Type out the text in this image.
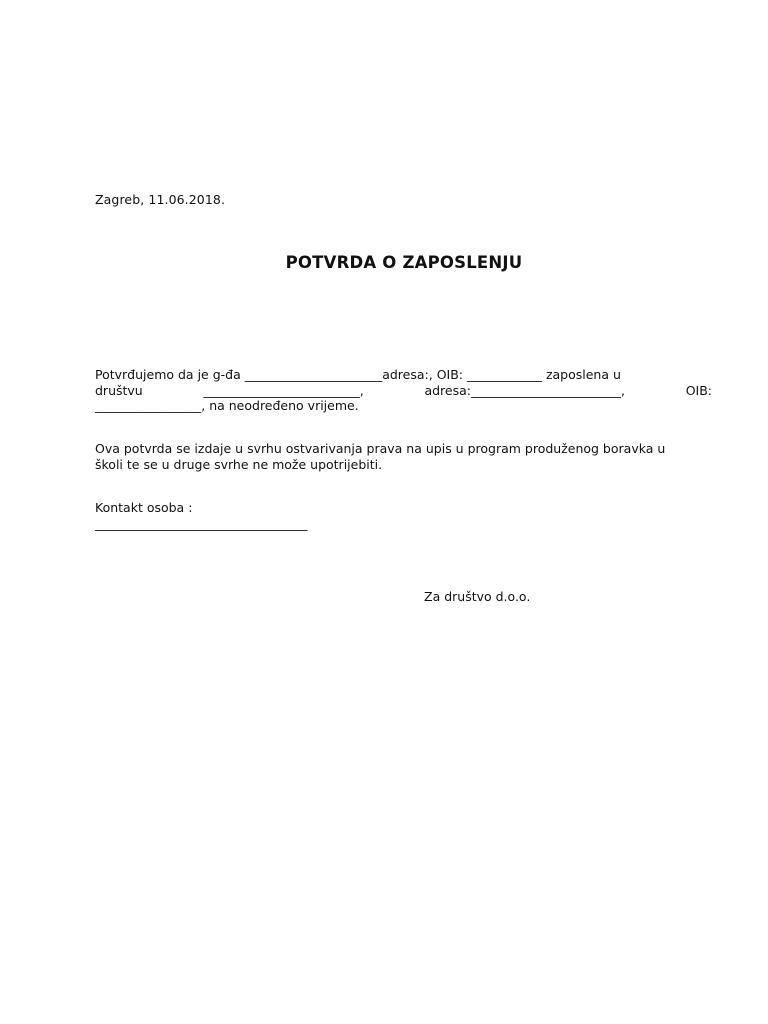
Zagreb, 11.06.2018.
POTVRDA O ZAPOSLENJU
Potvrđujemo da je g-đa ______________________adresa:, OIB: ____________ zaposlena u
društvu	_________________________,	adresa:________________________,	OIB:
_________________, na neodređeno vrijeme.
Ova potvrda se izdaje u svrhu ostvarivanja prava na upis u program produženog boravka u
školi te se u druge svrhe ne može upotrijebiti.
Kontakt osoba :
__________________________________
Za društvo d.o.o.
